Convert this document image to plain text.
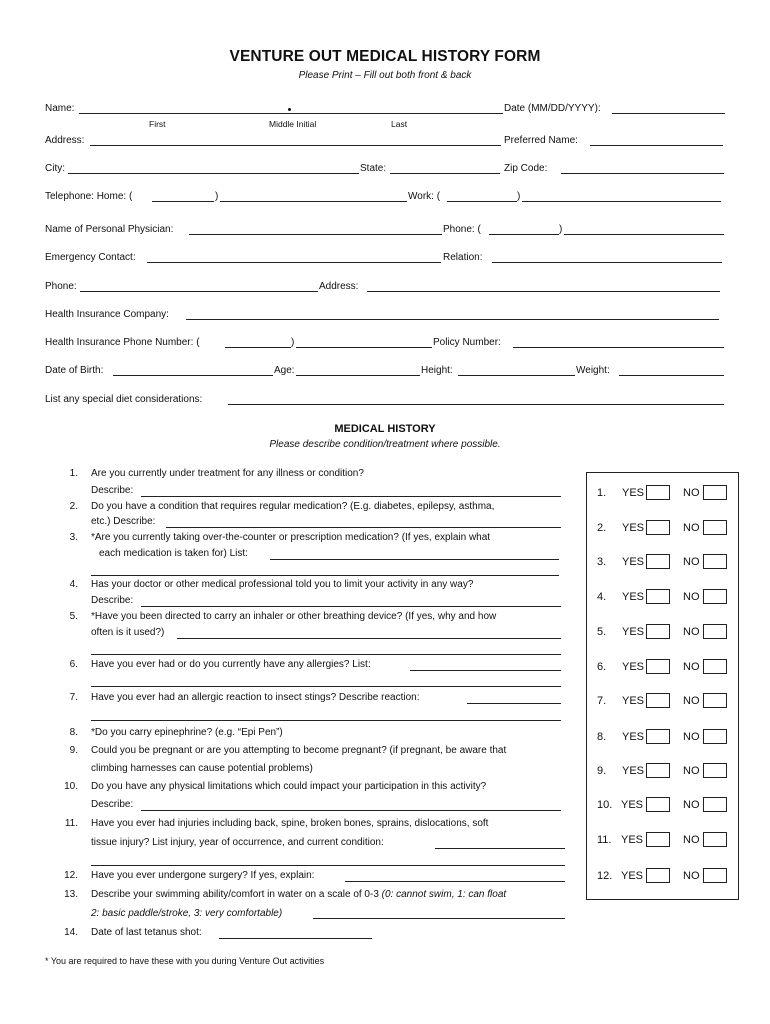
VENTURE OUT MEDICAL HISTORY FORM
Please Print – Fill out both front & back
Name:	Date (MM/DD/YYYY):
First	Middle Initial	Last
Address:	Preferred Name:
City:	State:	Zip Code:
Telephone: Home: (	)	Work: (	)
Name of Personal Physician:	Phone: (	)
Emergency Contact:	Relation:
Phone:	Address:
Health Insurance Company:
Health Insurance Phone Number: (	)	Policy Number:
Date of Birth:	Age:	Height:	Weight:
List any special diet considerations:
MEDICAL HISTORY
Please describe condition/treatment where possible.
1. Are you currently under treatment for any illness or condition?
Describe:
2. Do you have a condition that requires regular medication? (E.g. diabetes, epilepsy, asthma,
etc.) Describe:
3. *Are you currently taking over-the-counter or prescription medication? (If yes, explain what
each medication is taken for) List:
4. Has your doctor or other medical professional told you to limit your activity in any way?
Describe:
5. *Have you been directed to carry an inhaler or other breathing device? (If yes, why and how
often is it used?)
6. Have you ever had or do you currently have any allergies? List:
7. Have you ever had an allergic reaction to insect stings? Describe reaction:
8. *Do you carry epinephrine? (e.g. “Epi Pen”)
9. Could you be pregnant or are you attempting to become pregnant? (if pregnant, be aware that
climbing harnesses can cause potential problems)
10. Do you have any physical limitations which could impact your participation in this activity?
Describe:
11. Have you ever had injuries including back, spine, broken bones, sprains, dislocations, soft
tissue injury? List injury, year of occurrence, and current condition:
12. Have you ever undergone surgery? If yes, explain:
13. Describe your swimming ability/comfort in water on a scale of 0-3 (0: cannot swim, 1: can float
2: basic paddle/stroke, 3: very comfortable)
14. Date of last tetanus shot:
1. YES	NO
2. YES	NO
3. YES	NO
4. YES	NO
5. YES	NO
6. YES	NO
7. YES	NO
8. YES	NO
9. YES	NO
10. YES	NO
11. YES	NO
12. YES	NO
* You are required to have these with you during Venture Out activities
